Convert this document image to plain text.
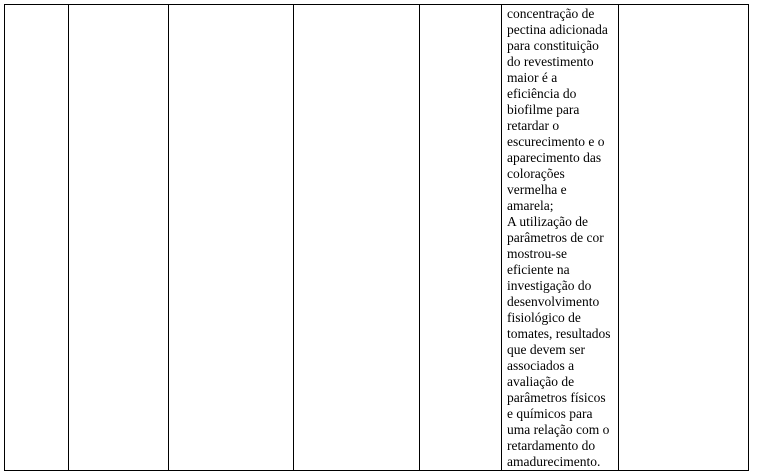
concentração de
pectina adicionada
para constituição
do revestimento
maior é a
eficiência do
biofilme para
retardar o
escurecimento e o
aparecimento das
colorações
vermelha e
amarela;
A utilização de
parâmetros de cor
mostrou-se
eficiente na
investigação do
desenvolvimento
fisiológico de
tomates, resultados
que devem ser
associados a
avaliação de
parâmetros físicos
e químicos para
uma relação com o
retardamento do
amadurecimento.
